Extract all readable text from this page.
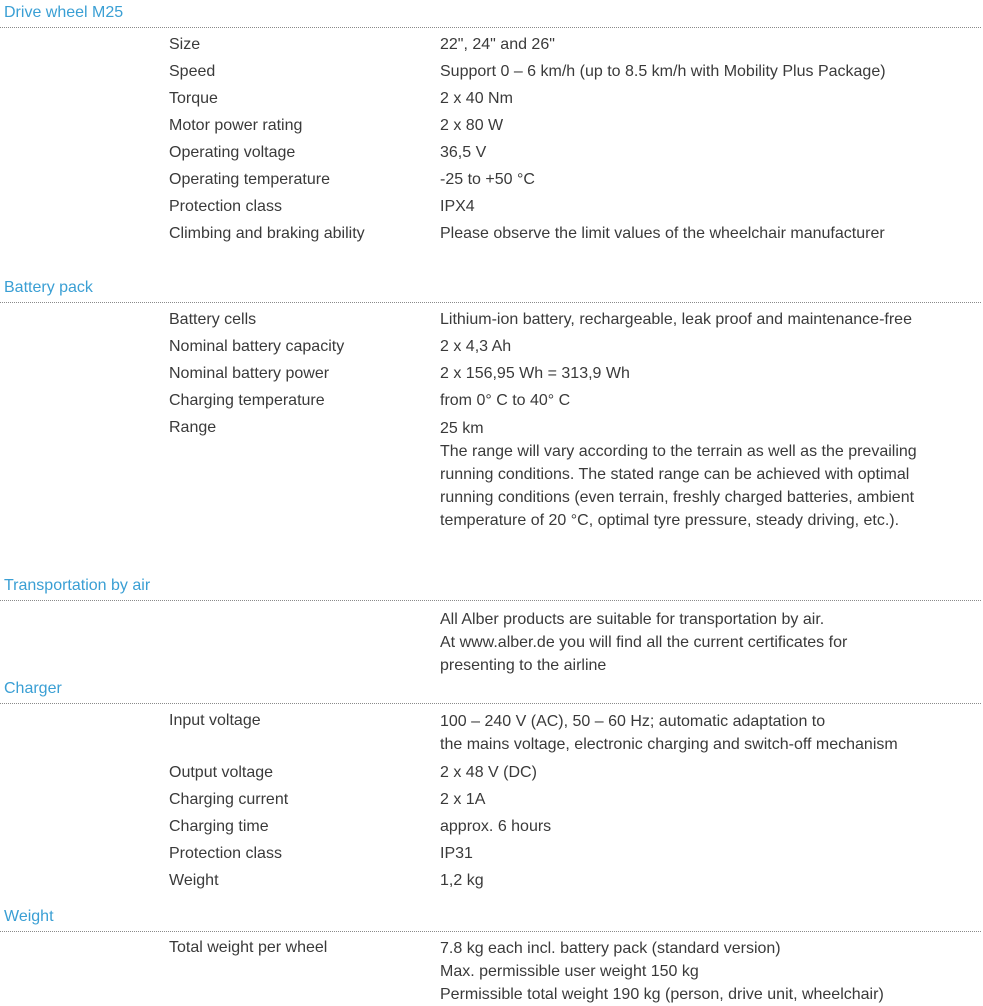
Drive wheel M25
Size	22", 24" and 26"
Speed	Support 0 – 6 km/h (up to 8.5 km/h with Mobility Plus Package)
Torque	2 x 40 Nm
Motor power rating	2 x 80 W
Operating voltage	36,5 V
Operating temperature	-25 to +50 °C
Protection class	IPX4
Climbing and braking ability	Please observe the limit values of the wheelchair manufacturer
Battery pack
Battery cells	Lithium-ion battery, rechargeable, leak proof and maintenance-free
Nominal battery capacity	2 x 4,3 Ah
Nominal battery power	2 x 156,95 Wh = 313,9 Wh
Charging temperature	from 0° C to 40° C
Range	25 km
The range will vary according to the terrain as well as the prevailing
running conditions. The stated range can be achieved with optimal
running conditions (even terrain, freshly charged batteries, ambient
temperature of 20 °C, optimal tyre pressure, steady driving, etc.).
Transportation by air
All Alber products are suitable for transportation by air.
At www.alber.de you will find all the current certificates for
presenting to the airline
Charger
Input voltage	100 – 240 V (AC), 50 – 60 Hz; automatic adaptation to
the mains voltage, electronic charging and switch-off mechanism
Output voltage	2 x 48 V (DC)
Charging current	2 x 1A
Charging time	approx. 6 hours
Protection class	IP31
Weight	1,2 kg
Weight
Total weight per wheel	7.8 kg each incl. battery pack (standard version)
Max. permissible user weight 150 kg
Permissible total weight 190 kg (person, drive unit, wheelchair)
